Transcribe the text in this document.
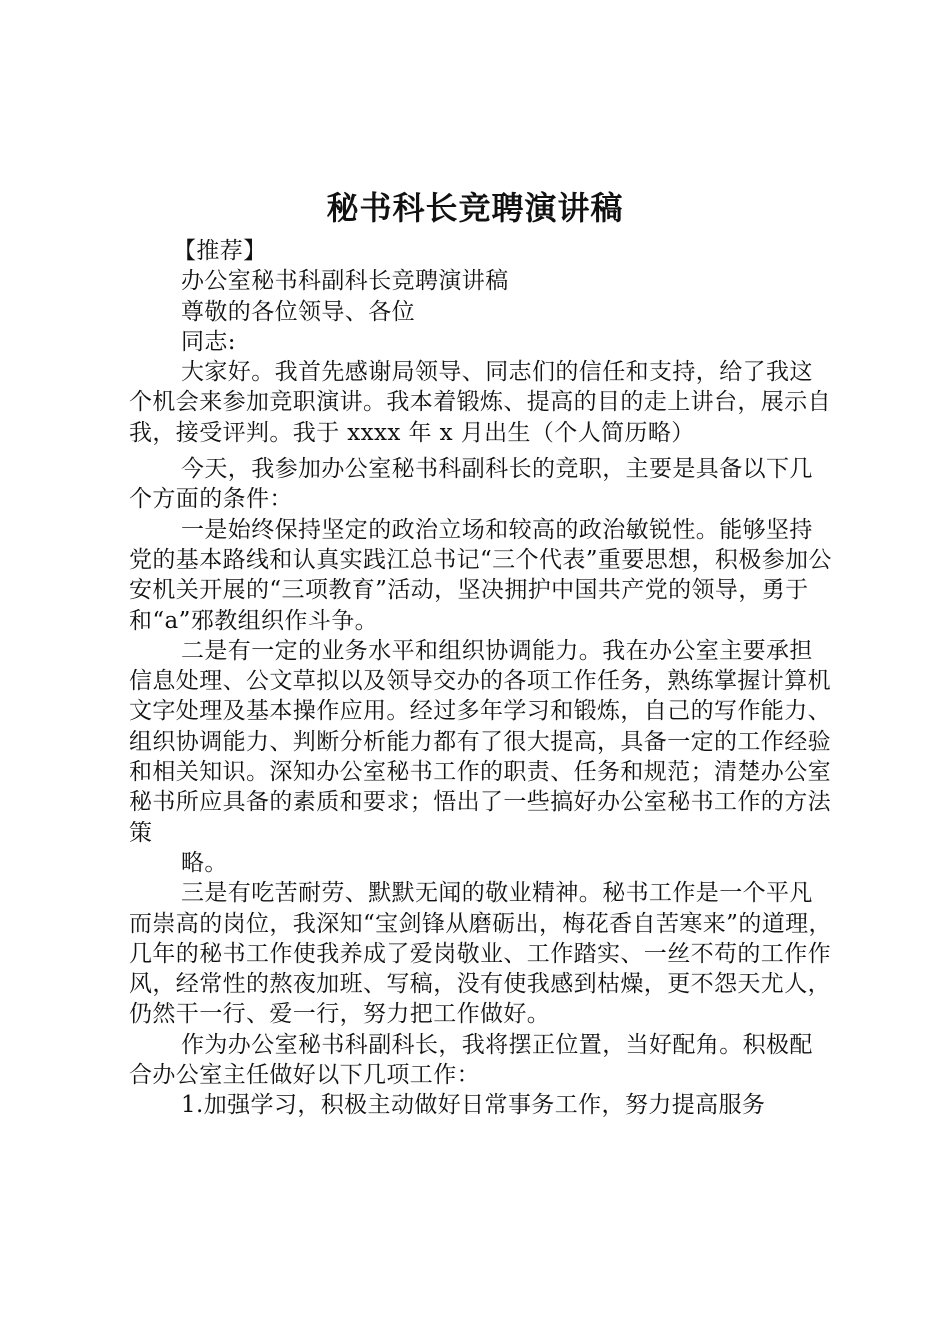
秘书科长竞聘演讲稿

【推荐】

办公室秘书科副科长竞聘演讲稿

尊敬的各位领导、各位

同志:

大家好。我首先感谢局领导、同志们的信任和支持，给了我这个机会来参加竞职演讲。我本着锻炼、提高的目的走上讲台，展示自我，接受评判。我于 xxxx 年 x 月出生（个人简历略）

今天，我参加办公室秘书科副科长的竞职，主要是具备以下几个方面的条件：

一是始终保持坚定的政治立场和较高的政治敏锐性。能够坚持党的基本路线和认真实践江总书记“三个代表”重要思想，积极参加公安机关开展的“三项教育”活动，坚决拥护中国共产党的领导，勇于和“a”邪教组织作斗争。

二是有一定的业务水平和组织协调能力。我在办公室主要承担信息处理、公文草拟以及领导交办的各项工作任务，熟练掌握计算机文字处理及基本操作应用。经过多年学习和锻炼，自己的写作能力、组织协调能力、判断分析能力都有了很大提高，具备一定的工作经验和相关知识。深知办公室秘书工作的职责、任务和规范；清楚办公室秘书所应具备的素质和要求；悟出了一些搞好办公室秘书工作的方法策

略。

三是有吃苦耐劳、默默无闻的敬业精神。秘书工作是一个平凡而崇高的岗位，我深知“宝剑锋从磨砺出，梅花香自苦寒来”的道理，几年的秘书工作使我养成了爱岗敬业、工作踏实、一丝不苟的工作作风，经常性的熬夜加班、写稿，没有使我感到枯燥，更不怨天尤人，仍然干一行、爱一行，努力把工作做好。

作为办公室秘书科副科长，我将摆正位置，当好配角。积极配合办公室主任做好以下几项工作：

1.加强学习，积极主动做好日常事务工作，努力提高服务
